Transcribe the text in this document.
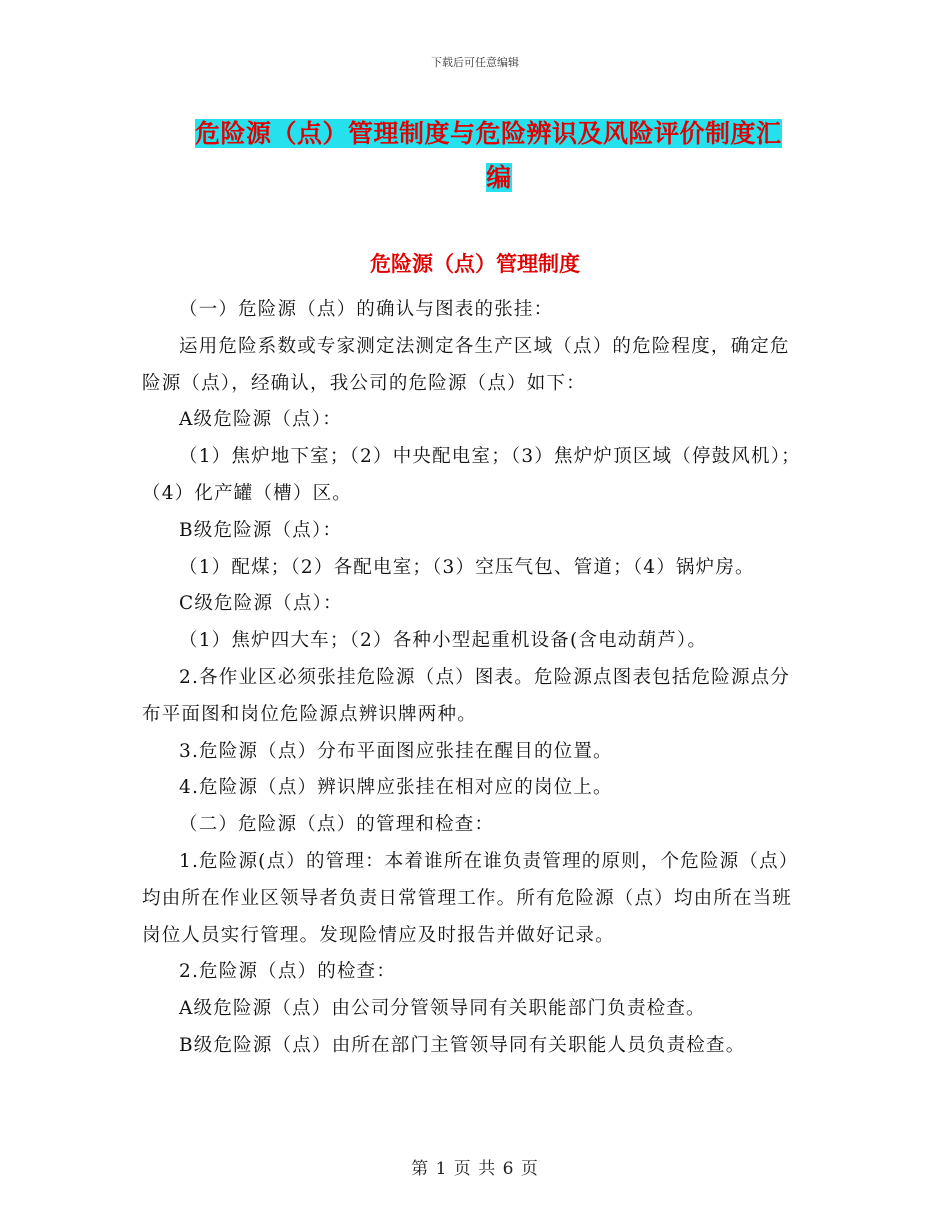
下载后可任意编辑
危险源（点）管理制度与危险辨识及风险评价制度汇
编
危险源（点）管理制度

（一）危险源（点）的确认与图表的张挂：

运用危险系数或专家测定法测定各生产区域（点）的危险程度，确定危险源（点），经确认，我公司的危险源（点）如下：

A级危险源（点）：

（1）焦炉地下室；（2）中央配电室；（3）焦炉炉顶区域（停鼓风机）；（4）化产罐（槽）区。

B级危险源（点）：

（1）配煤；（2）各配电室；（3）空压气包、管道；（4）锅炉房。

C级危险源（点）：

（1）焦炉四大车；（2）各种小型起重机设备(含电动葫芦）。

2.各作业区必须张挂危险源（点）图表。危险源点图表包括危险源点分布平面图和岗位危险源点辨识牌两种。

3.危险源（点）分布平面图应张挂在醒目的位置。

4.危险源（点）辨识牌应张挂在相对应的岗位上。

（二）危险源（点）的管理和检查：

1.危险源(点）的管理：本着谁所在谁负责管理的原则，个危险源（点）均由所在作业区领导者负责日常管理工作。所有危险源（点）均由所在当班岗位人员实行管理。发现险情应及时报告并做好记录。

2.危险源（点）的检查：

A级危险源（点）由公司分管领导同有关职能部门负责检查。

B级危险源（点）由所在部门主管领导同有关职能人员负责检查。

第 1 页 共 6 页
